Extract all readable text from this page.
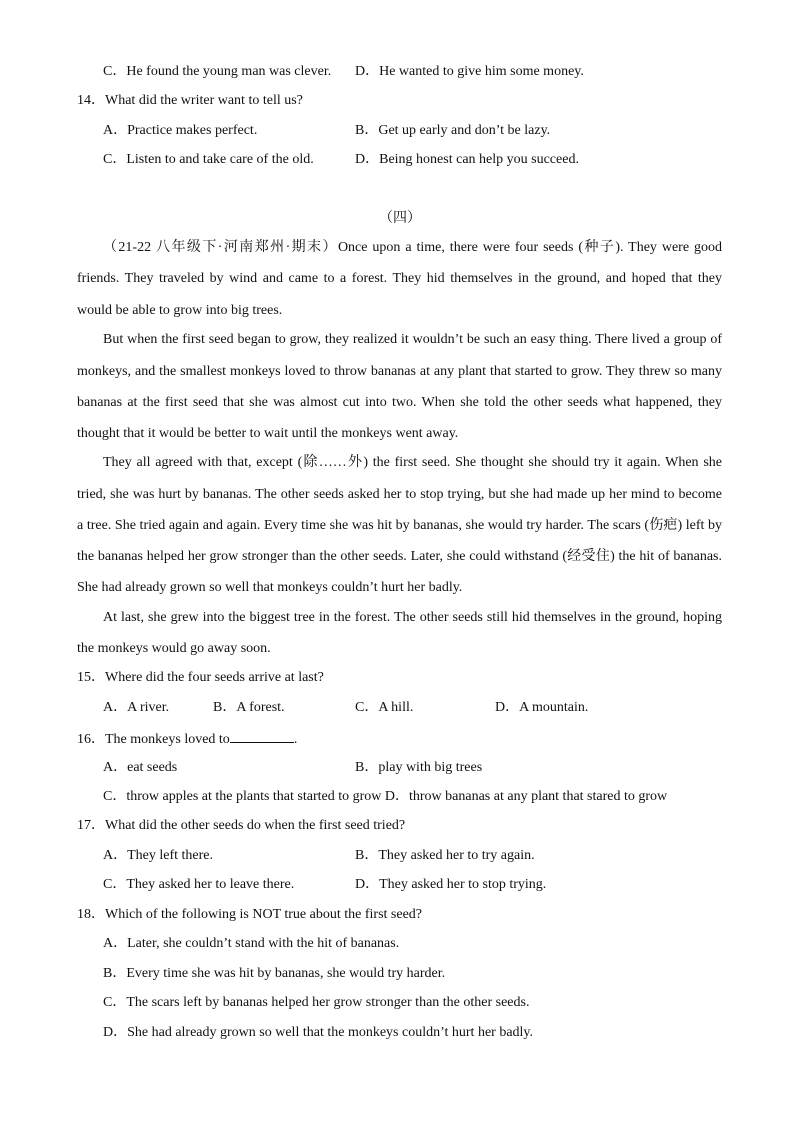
C．He found the young man was clever. D．He wanted to give him some money.
14．What did the writer want to tell us?
A．Practice makes perfect.	B．Get up early and don’t be lazy.
C．Listen to and take care of the old.	D．Being honest can help you succeed.
（四）
（21-22 八年级下·河南郑州·期末）Once upon a time, there were four seeds (种子). They were good
friends. They traveled by wind and came to a forest. They hid themselves in the ground, and hoped that they
would be able to grow into big trees.
But when the first seed began to grow, they realized it wouldn’t be such an easy thing. There lived a group of
monkeys, and the smallest monkeys loved to throw bananas at any plant that started to grow. They threw so many
bananas at the first seed that she was almost cut into two. When she told the other seeds what happened, they
thought that it would be better to wait until the monkeys went away.
They all agreed with that, except (除……外) the first seed. She thought she should try it again. When she
tried, she was hurt by bananas. The other seeds asked her to stop trying, but she had made up her mind to become
a tree. She tried again and again. Every time she was hit by bananas, she would try harder. The scars (伤疤) left by
the bananas helped her grow stronger than the other seeds. Later, she could withstand (经受住) the hit of bananas.
She had already grown so well that monkeys couldn’t hurt her badly.
At last, she grew into the biggest tree in the forest. The other seeds still hid themselves in the ground, hoping
the monkeys would go away soon.
15．Where did the four seeds arrive at last?
A．A river.	B．A forest.	C．A hill.	D．A mountain.
16．The monkeys loved to	.
A．eat seeds	B．play with big trees
C．throw apples at the plants that started to grow D．throw bananas at any plant that stared to grow
17．What did the other seeds do when the first seed tried?
A．They left there.	B．They asked her to try again.
C．They asked her to leave there.	D．They asked her to stop trying.
18．Which of the following is NOT true about the first seed?
A．Later, she couldn’t stand with the hit of bananas.
B．Every time she was hit by bananas, she would try harder.
C．The scars left by bananas helped her grow stronger than the other seeds.
D．She had already grown so well that the monkeys couldn’t hurt her badly.
